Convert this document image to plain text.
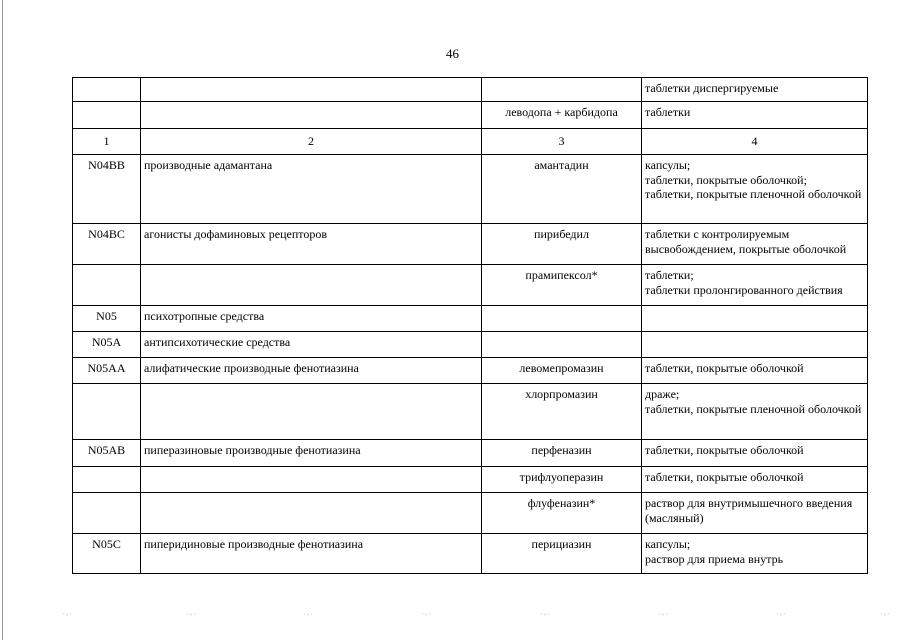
46
			таблетки диспергируемые
		леводопа + карбидопа	таблетки
1	2	3	4
N04BB	производные адамантана	амантадин	капсулы;
таблетки, покрытые оболочкой;
таблетки, покрытые пленочной оболочкой
N04BC	агонисты дофаминовых рецепторов	пирибедил	таблетки с контролируемым высвобождением, покрытые оболочкой
		прамипексол*	таблетки;
таблетки пролонгированного действия
N05	психотропные средства		
N05A	антипсихотические средства		
N05AA	алифатические производные фенотиазина	левомепромазин	таблетки, покрытые оболочкой
		хлорпромазин	драже;
таблетки, покрытые пленочной оболочкой
N05AB	пиперазиновые производные фенотиазина	перфеназин	таблетки, покрытые оболочкой
		трифлуоперазин	таблетки, покрытые оболочкой
		флуфеназин*	раствор для внутримышечного введения (масляный)
N05C	пиперидиновые производные фенотиазина	перициазин	капсулы;
раствор для приема внутрь
·-·	·-·	·-·	·-·	·-·	·-·	·-·	·-·
